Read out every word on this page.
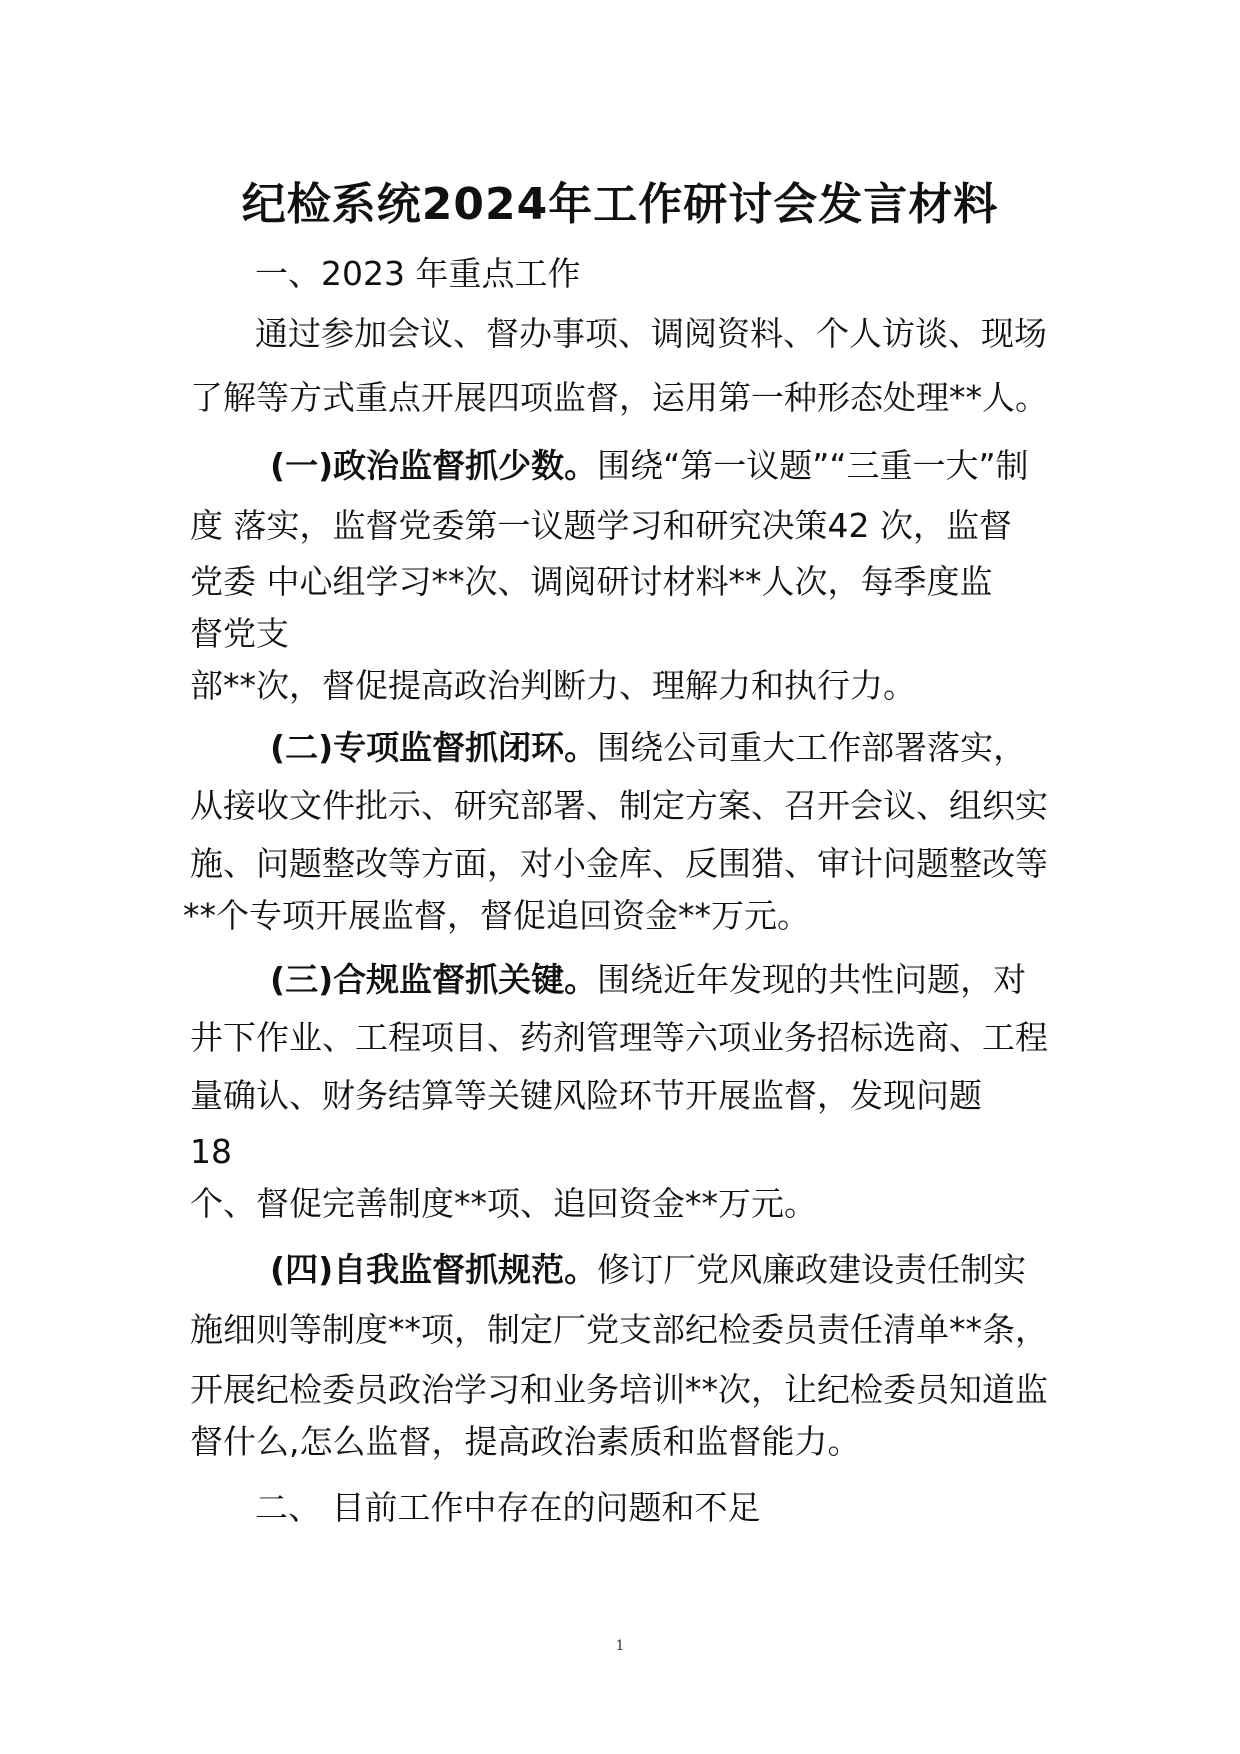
纪检系统2024年工作研讨会发言材料
一、2023 年重点工作
通过参加会议、督办事项、调阅资料、个人访谈、现场
了解等方式重点开展四项监督，运用第一种形态处理**人。
(一)政治监督抓少数。围绕“第一议题”“三重一大”制
度 落实，监督党委第一议题学习和研究决策42 次，监督
党委 中心组学习**次、调阅研讨材料**人次，每季度监
督党支
部**次，督促提高政治判断力、理解力和执行力。
(二)专项监督抓闭环。围绕公司重大工作部署落实，
从接收文件批示、研究部署、制定方案、召开会议、组织实
施、问题整改等方面，对小金库、反围猎、审计问题整改等
**个专项开展监督，督促追回资金**万元。
(三)合规监督抓关键。围绕近年发现的共性问题，对
井下作业、工程项目、药剂管理等六项业务招标选商、工程
量确认、财务结算等关键风险环节开展监督，发现问题
18
个、督促完善制度**项、追回资金**万元。
(四)自我监督抓规范。修订厂党风廉政建设责任制实
施细则等制度**项，制定厂党支部纪检委员责任清单**条，
开展纪检委员政治学习和业务培训**次，让纪检委员知道监
督什么,怎么监督，提高政治素质和监督能力。
二、 目前工作中存在的问题和不足
1
